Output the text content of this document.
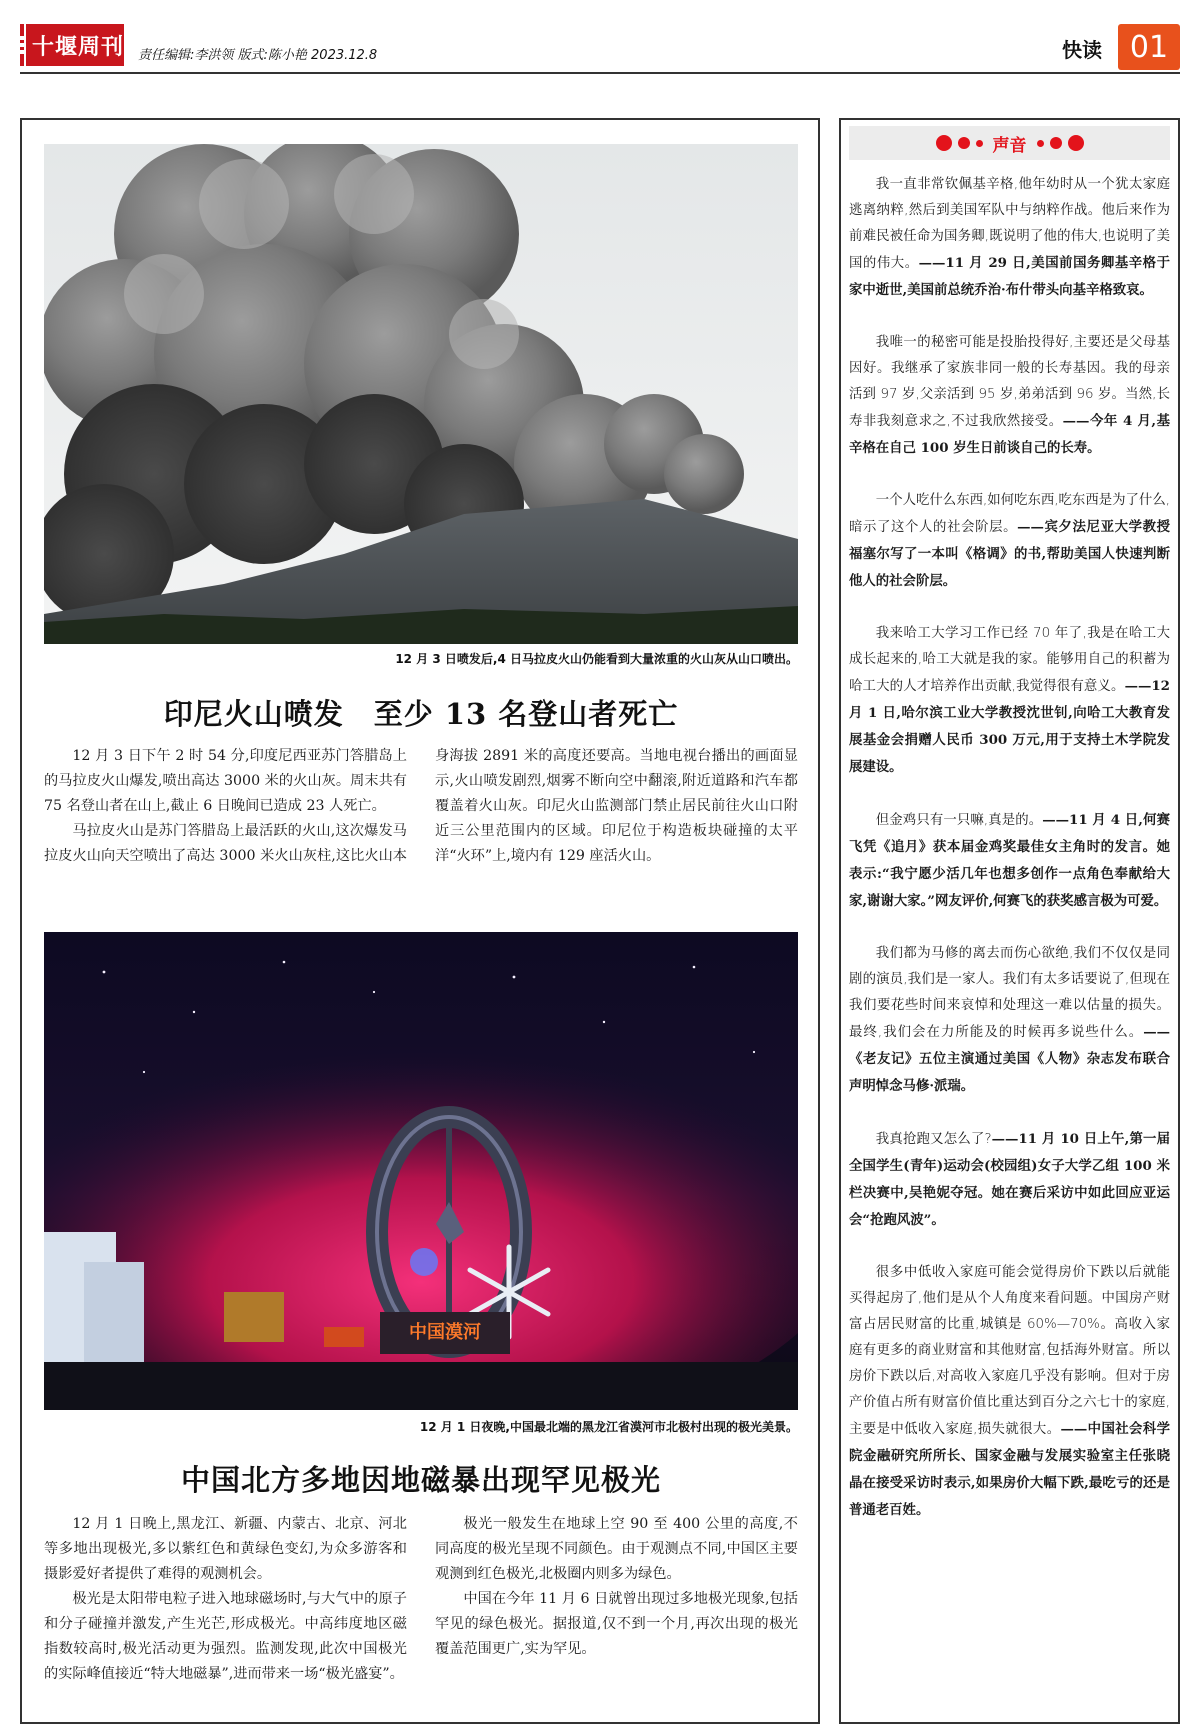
十堰周刊 责任编辑:李洪领 版式:陈小艳 2023.12.8	快读 01
12 月 3 日喷发后,4 日马拉皮火山仍能看到大量浓重的火山灰从山口喷出。
印尼火山喷发　至少 13 名登山者死亡

12 月 3 日下午 2 时 54 分,印度尼西亚苏门答腊岛上的马拉皮火山爆发,喷出高达 3000 米的火山灰。周末共有 75 名登山者在山上,截止 6 日晚间已造成 23 人死亡。

马拉皮火山是苏门答腊岛上最活跃的火山,这次爆发马拉皮火山向天空喷出了高达 3000 米火山灰柱,这比火山本身海拔 2891 米的高度还要高。当地电视台播出的画面显示,火山喷发剧烈,烟雾不断向空中翻滚,附近道路和汽车都覆盖着火山灰。印尼火山监测部门禁止居民前往火山口附近三公里范围内的区域。印尼位于构造板块碰撞的太平洋“火环”上,境内有 129 座活火山。

中国漠河
12 月 1 日夜晚,中国最北端的黑龙江省漠河市北极村出现的极光美景。
中国北方多地因地磁暴出现罕见极光

12 月 1 日晚上,黑龙江、新疆、内蒙古、北京、河北等多地出现极光,多以紫红色和黄绿色变幻,为众多游客和摄影爱好者提供了难得的观测机会。

极光是太阳带电粒子进入地球磁场时,与大气中的原子和分子碰撞并激发,产生光芒,形成极光。中高纬度地区磁指数较高时,极光活动更为强烈。监测发现,此次中国极光的实际峰值接近“特大地磁暴”,进而带来一场“极光盛宴”。

极光一般发生在地球上空 90 至 400 公里的高度,不同高度的极光呈现不同颜色。由于观测点不同,中国区主要观测到红色极光,北极圈内则多为绿色。

中国在今年 11 月 6 日就曾出现过多地极光现象,包括罕见的绿色极光。据报道,仅不到一个月,再次出现的极光覆盖范围更广,实为罕见。

声音

我一直非常钦佩基辛格,他年幼时从一个犹太家庭逃离纳粹,然后到美国军队中与纳粹作战。他后来作为前难民被任命为国务卿,既说明了他的伟大,也说明了美国的伟大。——11 月 29 日,美国前国务卿基辛格于家中逝世,美国前总统乔治·布什带头向基辛格致哀。

我唯一的秘密可能是投胎投得好,主要还是父母基因好。我继承了家族非同一般的长寿基因。我的母亲活到 97 岁,父亲活到 95 岁,弟弟活到 96 岁。当然,长寿非我刻意求之,不过我欣然接受。——今年 4 月,基辛格在自己 100 岁生日前谈自己的长寿。

一个人吃什么东西,如何吃东西,吃东西是为了什么,暗示了这个人的社会阶层。——宾夕法尼亚大学教授福塞尔写了一本叫《格调》的书,帮助美国人快速判断他人的社会阶层。

我来哈工大学习工作已经 70 年了,我是在哈工大成长起来的,哈工大就是我的家。能够用自己的积蓄为哈工大的人才培养作出贡献,我觉得很有意义。——12 月 1 日,哈尔滨工业大学教授沈世钊,向哈工大教育发展基金会捐赠人民币 300 万元,用于支持土木学院发展建设。

但金鸡只有一只嘛,真是的。——11 月 4 日,何赛飞凭《追月》获本届金鸡奖最佳女主角时的发言。她表示:“我宁愿少活几年也想多创作一点角色奉献给大家,谢谢大家。”网友评价,何赛飞的获奖感言极为可爱。

我们都为马修的离去而伤心欲绝,我们不仅仅是同剧的演员,我们是一家人。我们有太多话要说了,但现在我们要花些时间来哀悼和处理这一难以估量的损失。最终,我们会在力所能及的时候再多说些什么。——《老友记》五位主演通过美国《人物》杂志发布联合声明悼念马修·派瑞。

我真抢跑又怎么了?——11 月 10 日上午,第一届全国学生(青年)运动会(校园组)女子大学乙组 100 米栏决赛中,吴艳妮夺冠。她在赛后采访中如此回应亚运会“抢跑风波”。

很多中低收入家庭可能会觉得房价下跌以后就能买得起房了,他们是从个人角度来看问题。中国房产财富占居民财富的比重,城镇是 60%—70%。高收入家庭有更多的商业财富和其他财富,包括海外财富。所以房价下跌以后,对高收入家庭几乎没有影响。但对于房产价值占所有财富价值比重达到百分之六七十的家庭,主要是中低收入家庭,损失就很大。——中国社会科学院金融研究所所长、国家金融与发展实验室主任张晓晶在接受采访时表示,如果房价大幅下跌,最吃亏的还是普通老百姓。
